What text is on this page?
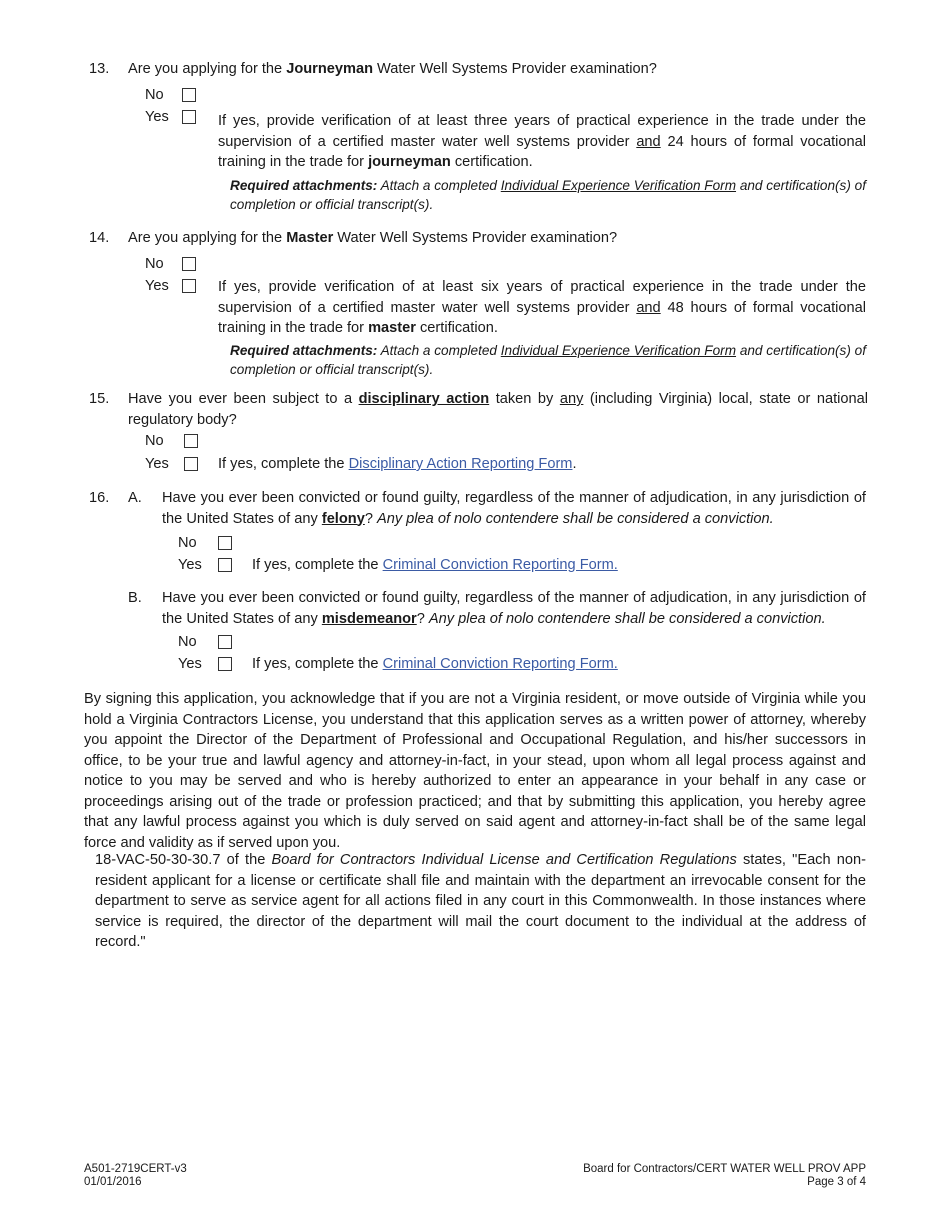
13. Are you applying for the Journeyman Water Well Systems Provider examination?
No
Yes	If yes, provide verification of at least three years of practical experience in the trade under the supervision of a certified master water well systems provider and 24 hours of formal vocational training in the trade for journeyman certification.
Required attachments: Attach a completed Individual Experience Verification Form and certification(s) of completion or official transcript(s).
14. Are you applying for the Master Water Well Systems Provider examination?
No
Yes	If yes, provide verification of at least six years of practical experience in the trade under the supervision of a certified master water well systems provider and 48 hours of formal vocational training in the trade for master certification.
Required attachments: Attach a completed Individual Experience Verification Form and certification(s) of completion or official transcript(s).
15. Have you ever been subject to a disciplinary action taken by any (including Virginia) local, state or national regulatory body?
No
Yes	If yes, complete the Disciplinary Action Reporting Form.
16. A. Have you ever been convicted or found guilty, regardless of the manner of adjudication, in any jurisdiction of the United States of any felony? Any plea of nolo contendere shall be considered a conviction.
No
Yes	If yes, complete the Criminal Conviction Reporting Form.
B. Have you ever been convicted or found guilty, regardless of the manner of adjudication, in any jurisdiction of the United States of any misdemeanor? Any plea of nolo contendere shall be considered a conviction.
No
Yes	If yes, complete the Criminal Conviction Reporting Form.
By signing this application, you acknowledge that if you are not a Virginia resident, or move outside of Virginia while you hold a Virginia Contractors License, you understand that this application serves as a written power of attorney, whereby you appoint the Director of the Department of Professional and Occupational Regulation, and his/her successors in office, to be your true and lawful agency and attorney-in-fact, in your stead, upon whom all legal process against and notice to you may be served and who is hereby authorized to enter an appearance in your behalf in any case or proceedings arising out of the trade or profession practiced; and that by submitting this application, you hereby agree that any lawful process against you which is duly served on said agent and attorney-in-fact shall be of the same legal force and validity as if served upon you.
18-VAC-50-30-30.7 of the Board for Contractors Individual License and Certification Regulations states, "Each non-resident applicant for a license or certificate shall file and maintain with the department an irrevocable consent for the department to serve as service agent for all actions filed in any court in this Commonwealth. In those instances where service is required, the director of the department will mail the court document to the individual at the address of record."
A501-2719CERT-v3
01/01/2016
Board for Contractors/CERT WATER WELL PROV APP
Page 3 of 4
